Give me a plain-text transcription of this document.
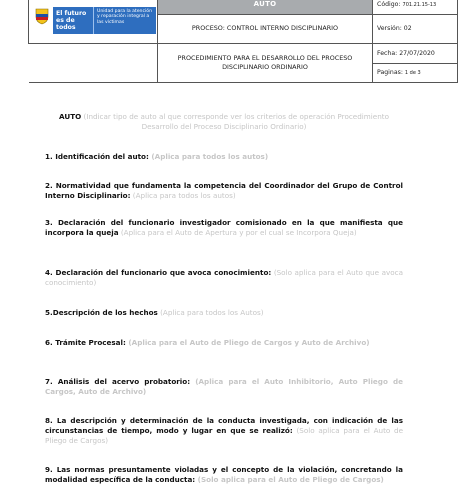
El futuro es de todos
Unidad para la atención y reparación integral a las víctimas	AUTO	Código: 701.21.15-13
	PROCESO: CONTROL INTERNO DISCIPLINARIO	Versión: 02
	PROCEDIMIENTO PARA EL DESARROLLO DEL PROCESO DISCIPLINARIO ORDINARIO	Fecha: 27/07/2020
		Paginas: 1 de 3
AUTO (Indicar tipo de auto al que corresponde ver los criterios de operación Procedimiento Desarrollo del Proceso Disciplinario Ordinario)
1. Identificación del auto: (Aplica para todos los autos)
2. Normatividad que fundamenta la competencia del Coordinador del Grupo de Control Interno Disciplinario: (Aplica para todos los autos)
3. Declaración del funcionario investigador comisionado en la que manifiesta que incorpora la queja (Aplica para el Auto de Apertura y por el cual se Incorpora Queja)
4. Declaración del funcionario que avoca conocimiento: (Solo aplica para el Auto que avoca conocimiento)
5.Descripción de los hechos (Aplica para todos los Autos)
6. Trámite Procesal: (Aplica para el Auto de Pliego de Cargos y Auto de Archivo)
7. Análisis del acervo probatorio: (Aplica para el Auto Inhibitorio, Auto Pliego de Cargos, Auto de Archivo)
8. La descripción y determinación de la conducta investigada, con indicación de las circunstancias de tiempo, modo y lugar en que se realizó: (Solo aplica para el Auto de Pliego de Cargos)
9. Las normas presuntamente violadas y el concepto de la violación, concretando la modalidad específica de la conducta: (Solo aplica para el Auto de Pliego de Cargos)
